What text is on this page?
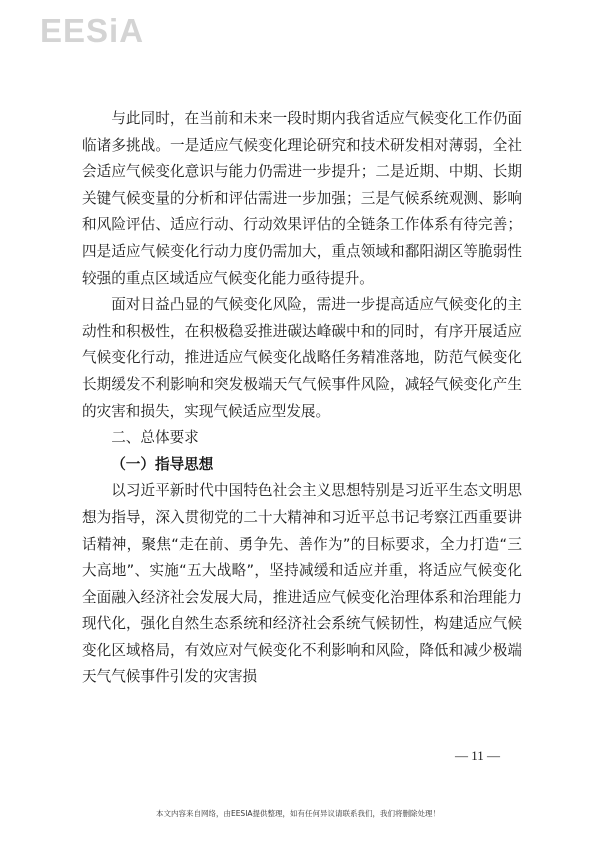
EESiA

与此同时，在当前和未来一段时期内我省适应气候变化工作仍面临诸多挑战。一是适应气候变化理论研究和技术研发相对薄弱，全社会适应气候变化意识与能力仍需进一步提升；二是近期、中期、长期关键气候变量的分析和评估需进一步加强；三是气候系统观测、影响和风险评估、适应行动、行动效果评估的全链条工作体系有待完善；四是适应气候变化行动力度仍需加大，重点领域和鄱阳湖区等脆弱性较强的重点区域适应气候变化能力亟待提升。

面对日益凸显的气候变化风险，需进一步提高适应气候变化的主动性和积极性，在积极稳妥推进碳达峰碳中和的同时，有序开展适应气候变化行动，推进适应气候变化战略任务精准落地，防范气候变化长期缓发不利影响和突发极端天气气候事件风险，减轻气候变化产生的灾害和损失，实现气候适应型发展。

二、总体要求

（一）指导思想

以习近平新时代中国特色社会主义思想特别是习近平生态文明思想为指导，深入贯彻党的二十大精神和习近平总书记考察江西重要讲话精神，聚焦“走在前、勇争先、善作为”的目标要求，全力打造“三大高地”、实施“五大战略”，坚持减缓和适应并重，将适应气候变化全面融入经济社会发展大局，推进适应气候变化治理体系和治理能力现代化，强化自然生态系统和经济社会系统气候韧性，构建适应气候变化区域格局，有效应对气候变化不利影响和风险，降低和减少极端天气气候事件引发的灾害损

— 11 —
本文内容来自网络，由EESIA提供整理，如有任何异议请联系我们，我们将删除处理！
